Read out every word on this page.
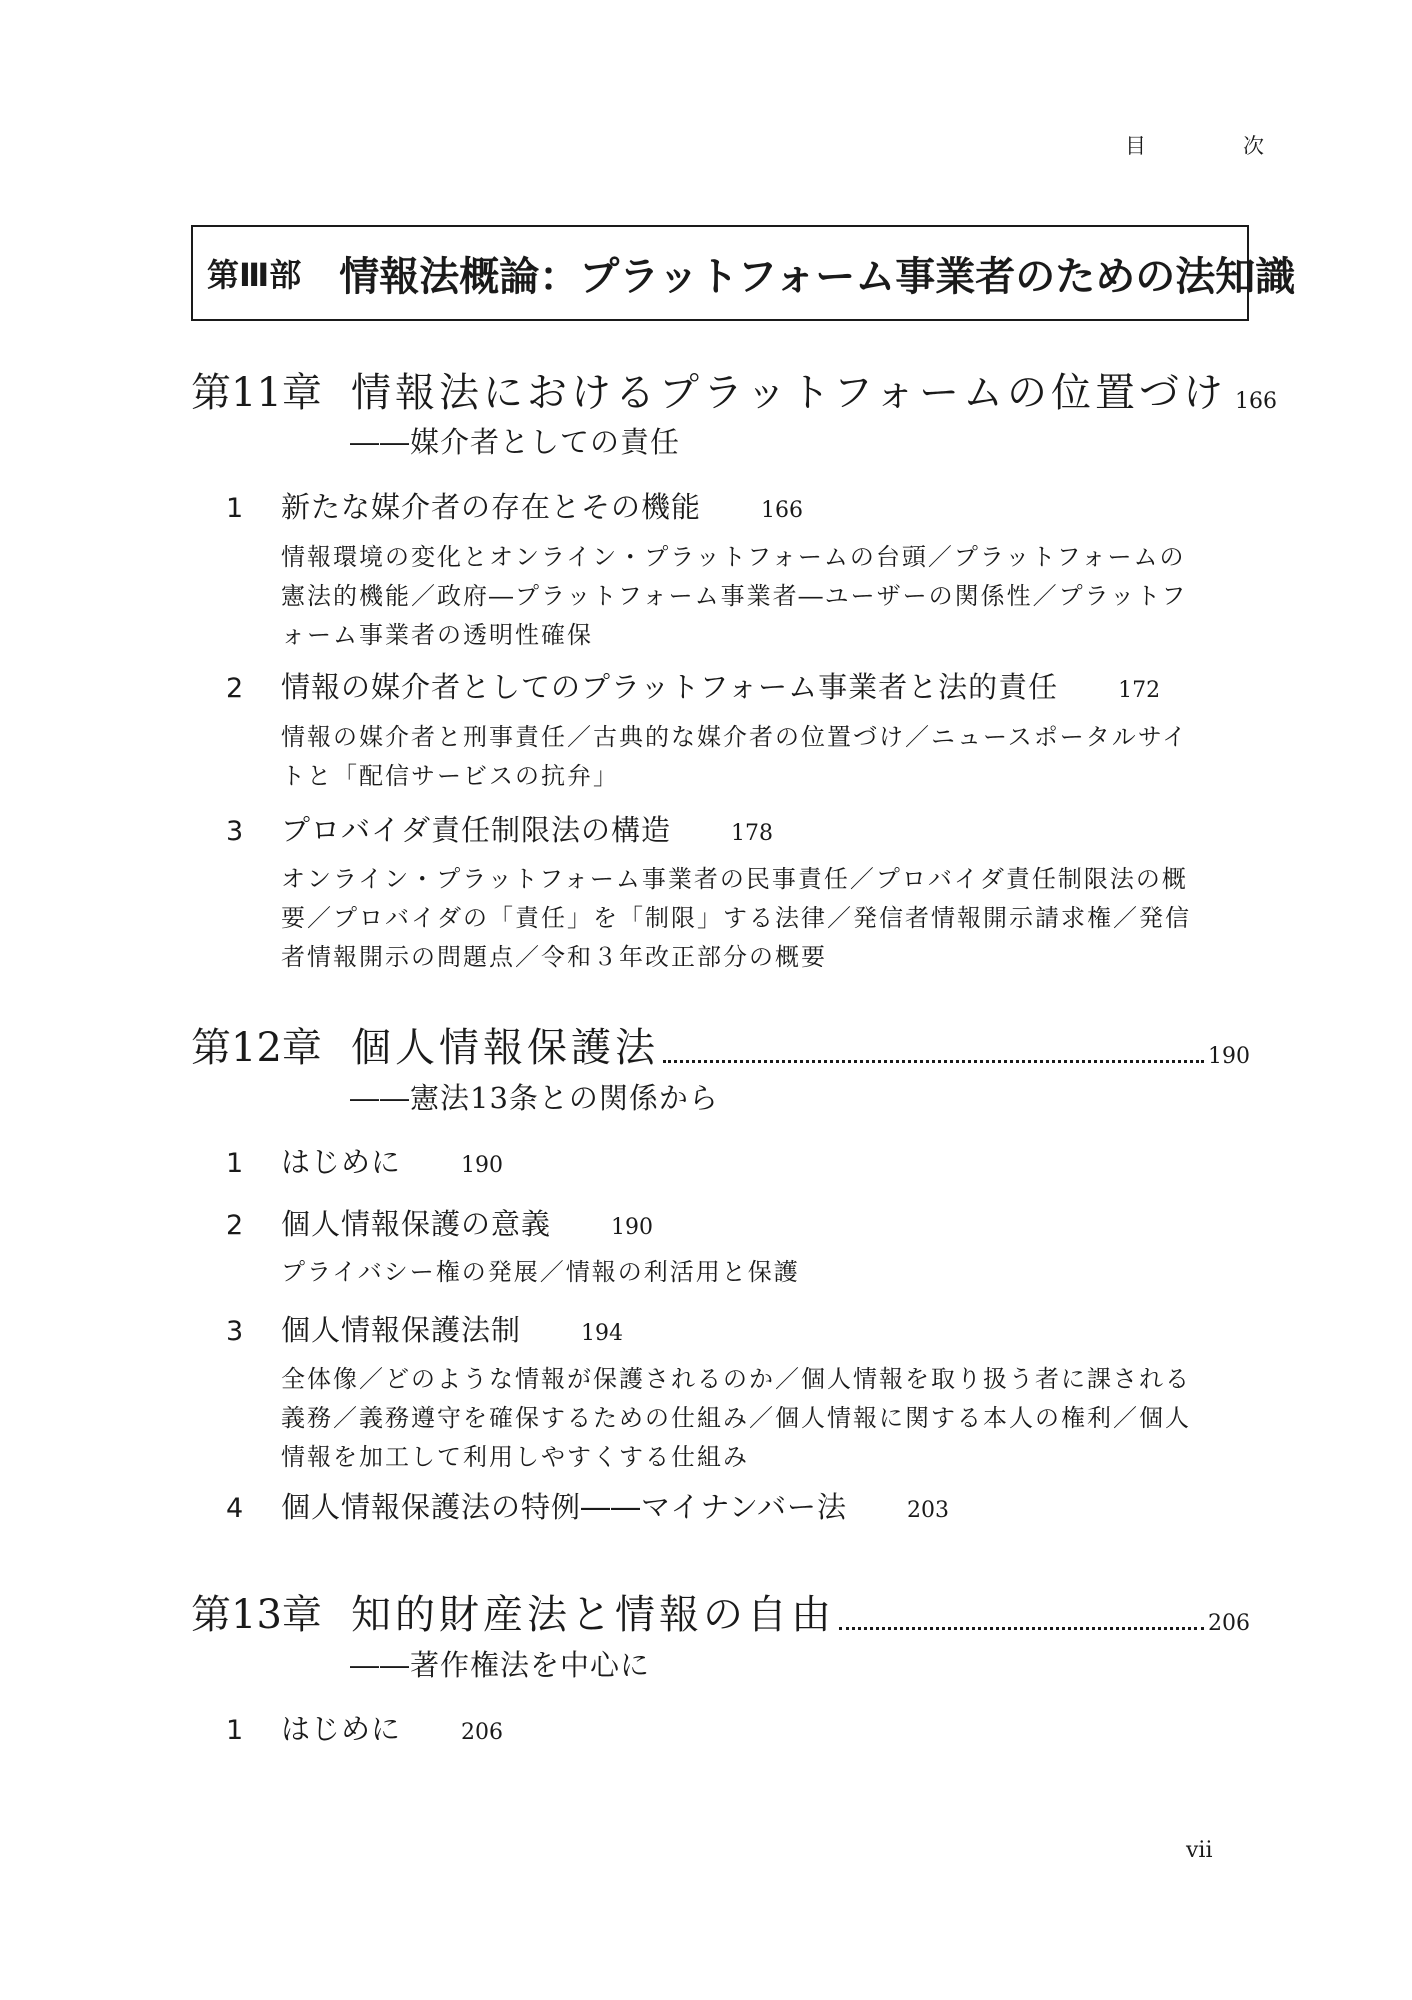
目　次
第Ⅲ部 情報法概論：プラットフォーム事業者のための法知識
第11章 情報法におけるプラットフォームの位置づけ 166
――媒介者としての責任
1	新たな媒介者の存在とその機能	166
情報環境の変化とオンライン・プラットフォームの台頭／プラットフォームの憲法的機能／政府―プラットフォーム事業者―ユーザーの関係性／プラットフォーム事業者の透明性確保
2	情報の媒介者としてのプラットフォーム事業者と法的責任	172
情報の媒介者と刑事責任／古典的な媒介者の位置づけ／ニュースポータルサイトと「配信サービスの抗弁」
3	プロバイダ責任制限法の構造	178
オンライン・プラットフォーム事業者の民事責任／プロバイダ責任制限法の概要／プロバイダの「責任」を「制限」する法律／発信者情報開示請求権／発信者情報開示の問題点／令和３年改正部分の概要
第12章 個人情報保護法	190
――憲法13条との関係から
1	はじめに	190
2	個人情報保護の意義	190
プライバシー権の発展／情報の利活用と保護
3	個人情報保護法制	194
全体像／どのような情報が保護されるのか／個人情報を取り扱う者に課される義務／義務遵守を確保するための仕組み／個人情報に関する本人の権利／個人情報を加工して利用しやすくする仕組み
4	個人情報保護法の特例――マイナンバー法	203
第13章 知的財産法と情報の自由	206
――著作権法を中心に
1	はじめに	206
vii
